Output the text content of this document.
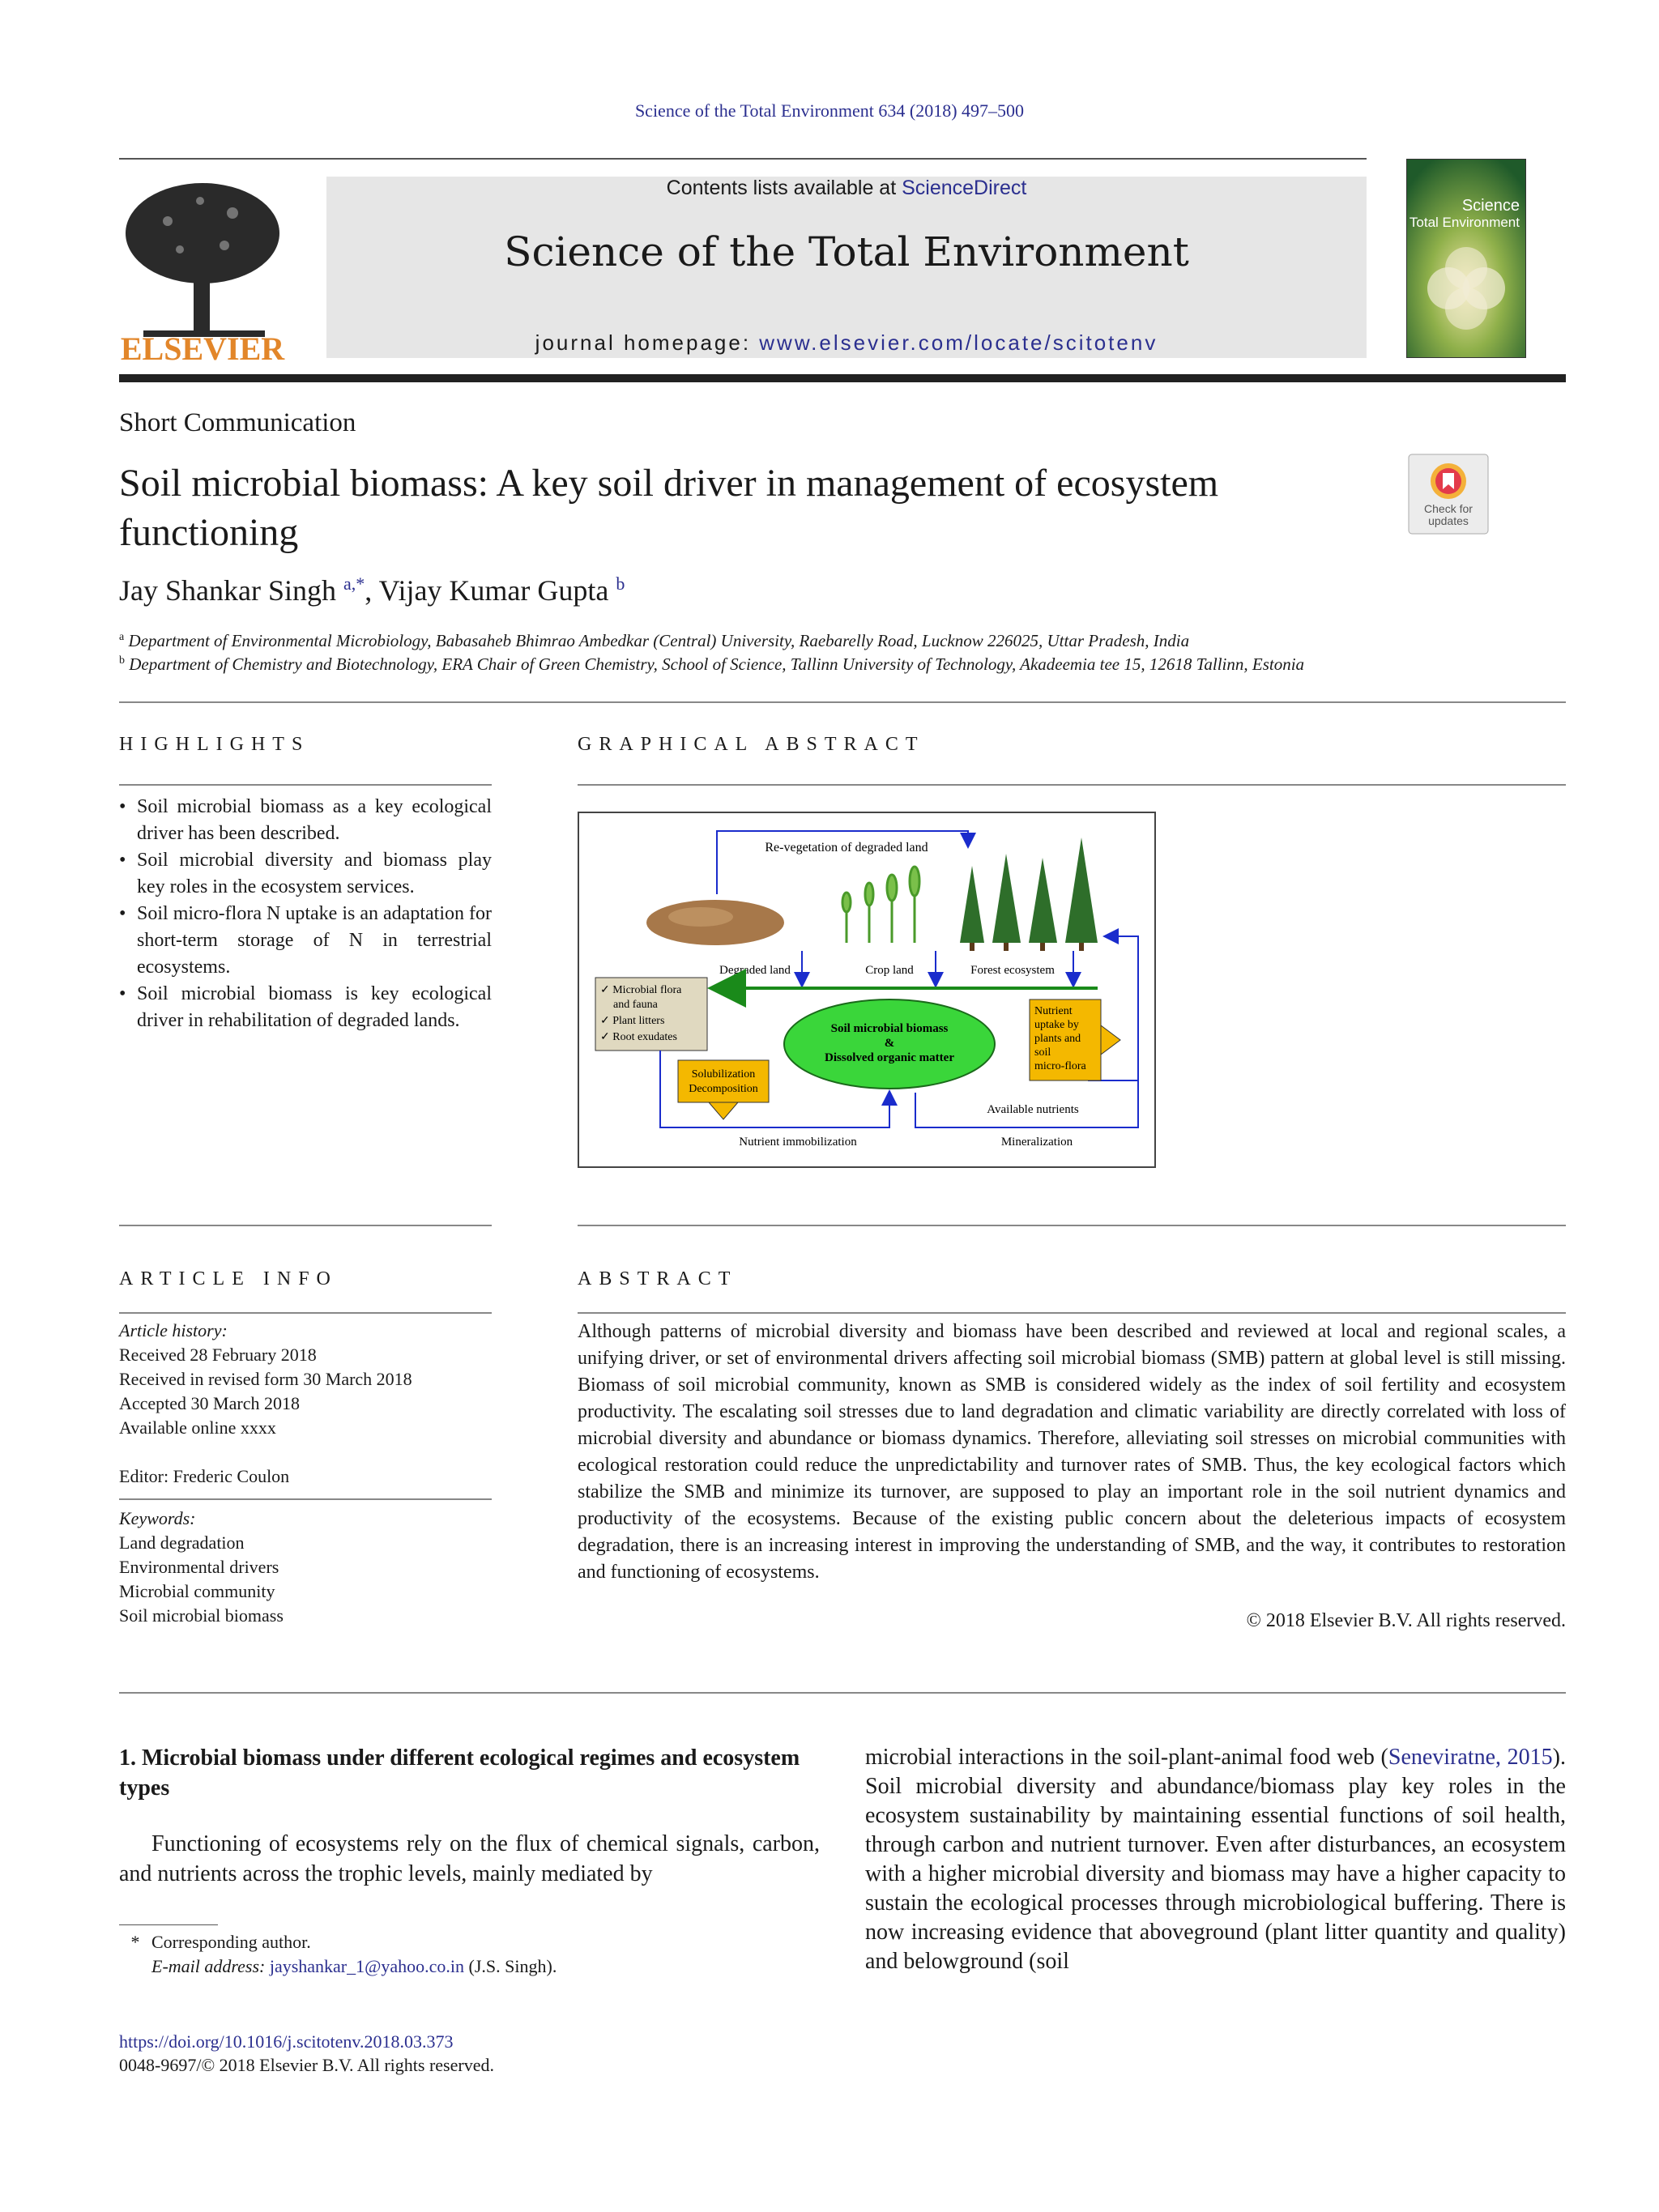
Science of the Total Environment 634 (2018) 497–500
ELSEVIER
Contents lists available at ScienceDirect
Science of the Total Environment
journal homepage: www.elsevier.com/locate/scitotenv
Science
Total Environment
Short Communication
Soil microbial biomass: A key soil driver in management of ecosystem functioning
Check for
updates
Jay Shankar Singh $^{a,*}$, Vijay Kumar Gupta $^b$
$^a$ Department of Environmental Microbiology, Babasaheb Bhimrao Ambedkar (Central) University, Raebarelly Road, Lucknow 226025, Uttar Pradesh, India
$^b$ Department of Chemistry and Biotechnology, ERA Chair of Green Chemistry, School of Science, Tallinn University of Technology, Akadeemia tee 15, 12618 Tallinn, Estonia
HIGHLIGHTS

• Soil microbial biomass as a key ecological driver has been described.

• Soil microbial diversity and biomass play key roles in the ecosystem services.

• Soil micro-flora N uptake is an adaptation for short-term storage of N in terrestrial ecosystems.

• Soil microbial biomass is key ecological driver in rehabilitation of degraded lands.

GRAPHICAL ABSTRACT
Re-vegetation of degraded land
Degraded land	Crop land	Forest ecosystem
✓ Microbial flora
and fauna
✓ Plant litters
✓ Root exudates
Soil microbial biomass
&
Dissolved organic matter
Nutrient
uptake by
plants and
soil
micro-flora
Solubilization
Decomposition
Available nutrients
Nutrient immobilization	Mineralization
ARTICLE INFO
Article history:
Received 28 February 2018
Received in revised form 30 March 2018
Accepted 30 March 2018
Available online xxxx
Editor: Frederic Coulon
Keywords:
Land degradation
Environmental drivers
Microbial community
Soil microbial biomass
ABSTRACT
Although patterns of microbial diversity and biomass have been described and reviewed at local and regional scales, a unifying driver, or set of environmental drivers affecting soil microbial biomass (SMB) pattern at global level is still missing. Biomass of soil microbial community, known as SMB is considered widely as the index of soil fertility and ecosystem productivity. The escalating soil stresses due to land degradation and climatic variability are directly correlated with loss of microbial diversity and abundance or biomass dynamics. Therefore, alleviating soil stresses on microbial communities with ecological restoration could reduce the unpredictability and turnover rates of SMB. Thus, the key ecological factors which stabilize the SMB and minimize its turnover, are supposed to play an important role in the soil nutrient dynamics and productivity of the ecosystems. Because of the existing public concern about the deleterious impacts of ecosystem degradation, there is an increasing interest in improving the understanding of SMB, and the way, it contributes to restoration and functioning of ecosystems.
© 2018 Elsevier B.V. All rights reserved.
1. Microbial biomass under different ecological regimes and ecosystem types
Functioning of ecosystems rely on the flux of chemical signals, carbon, and nutrients across the trophic levels, mainly mediated by
microbial interactions in the soil-plant-animal food web (Seneviratne, 2015). Soil microbial diversity and abundance/biomass play key roles in the ecosystem sustainability by maintaining essential functions of soil health, through carbon and nutrient turnover. Even after disturbances, an ecosystem with a higher microbial diversity and biomass may have a higher capacity to sustain the ecological processes through microbiological buffering. There is now increasing evidence that aboveground (plant litter quantity and quality) and belowground (soil
* Corresponding author.
E-mail address: jayshankar_1@yahoo.co.in (J.S. Singh).
https://doi.org/10.1016/j.scitotenv.2018.03.373
0048-9697/© 2018 Elsevier B.V. All rights reserved.
